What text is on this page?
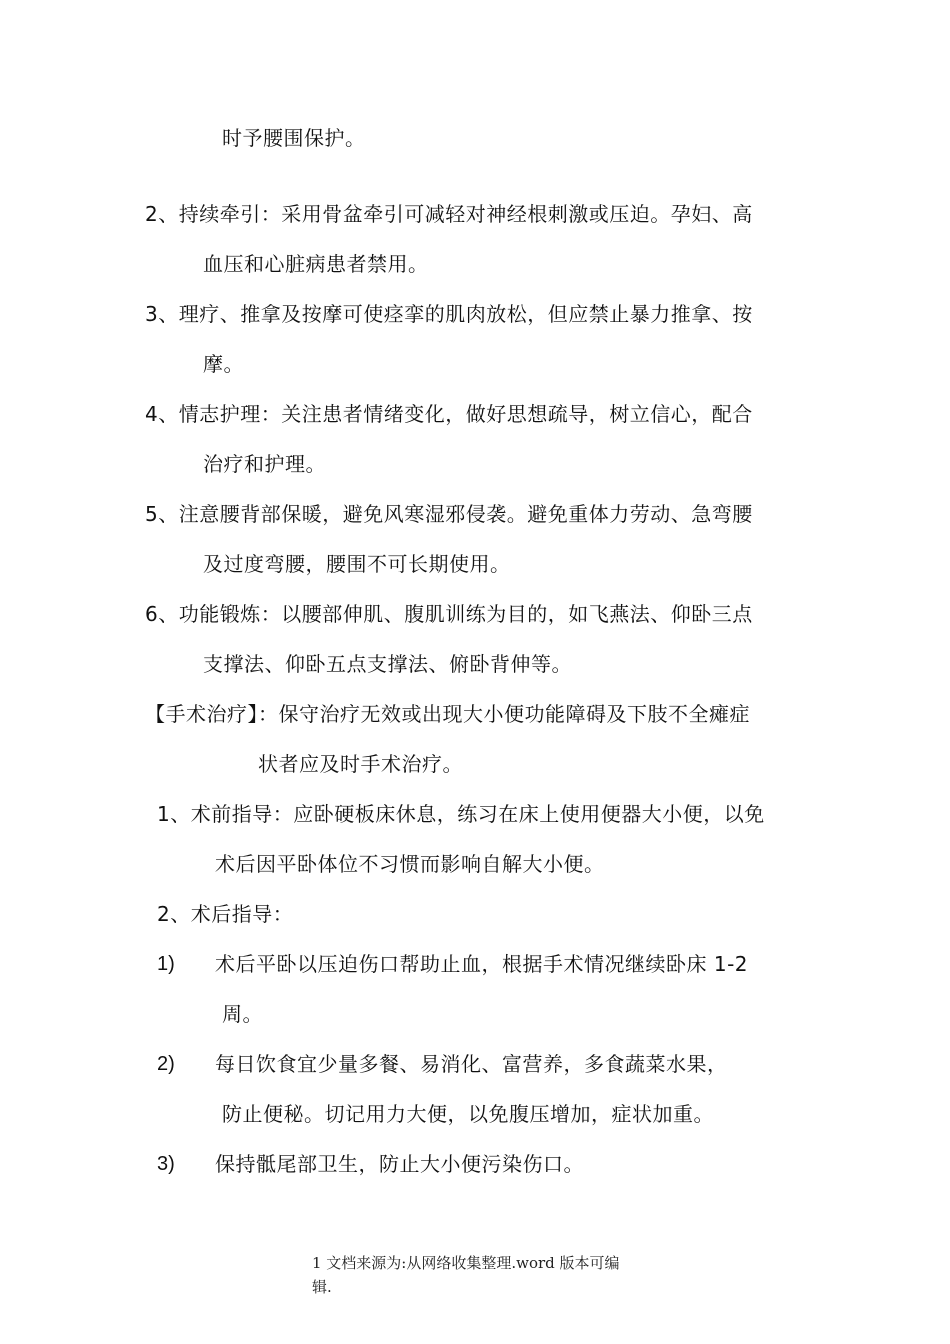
时予腰围保护。
2、持续牵引：采用骨盆牵引可减轻对神经根刺激或压迫。孕妇、高
血压和心脏病患者禁用。
3、理疗、推拿及按摩可使痉挛的肌肉放松，但应禁止暴力推拿、按
摩。
4、情志护理：关注患者情绪变化，做好思想疏导，树立信心，配合
治疗和护理。
5、注意腰背部保暖，避免风寒湿邪侵袭。避免重体力劳动、急弯腰
及过度弯腰，腰围不可长期使用。
6、功能锻炼：以腰部伸肌、腹肌训练为目的，如飞燕法、仰卧三点
支撑法、仰卧五点支撑法、俯卧背伸等。
【手术治疗】：保守治疗无效或出现大小便功能障碍及下肢不全瘫症
状者应及时手术治疗。
1、术前指导：应卧硬板床休息，练习在床上使用便器大小便，以免
术后因平卧体位不习惯而影响自解大小便。
2、术后指导：
1) 术后平卧以压迫伤口帮助止血，根据手术情况继续卧床 1-2
周。
2) 每日饮食宜少量多餐、易消化、富营养，多食蔬菜水果，
防止便秘。切记用力大便，以免腹压增加，症状加重。
3) 保持骶尾部卫生，防止大小便污染伤口。
1 文档来源为:从网络收集整理.word 版本可编
辑.
